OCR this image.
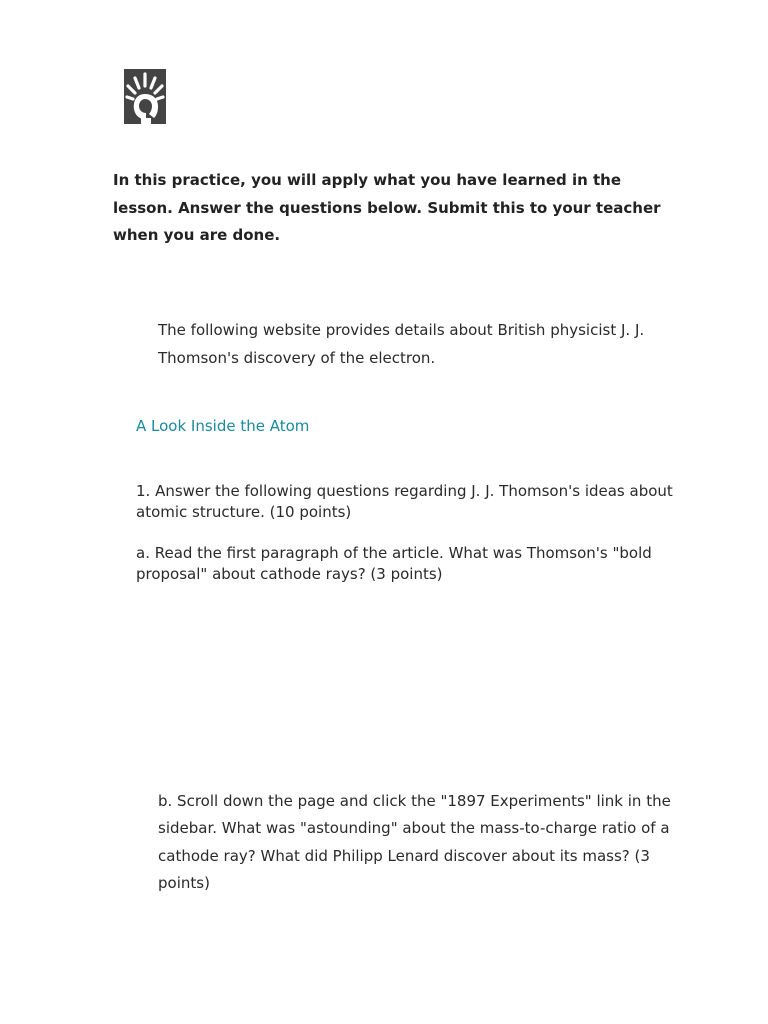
In this practice, you will apply what you have learned in the lesson. Answer the questions below. Submit this to your teacher when you are done.

The following website provides details about British physicist J. J. Thomson's discovery of the electron.

A Look Inside the Atom

1. Answer the following questions regarding J. J. Thomson's ideas about atomic structure. (10 points)

a. Read the first paragraph of the article. What was Thomson's "bold proposal" about cathode rays? (3 points)

b. Scroll down the page and click the "1897 Experiments" link in the sidebar. What was "astounding" about the mass-to-charge ratio of a cathode ray? What did Philipp Lenard discover about its mass? (3 points)
